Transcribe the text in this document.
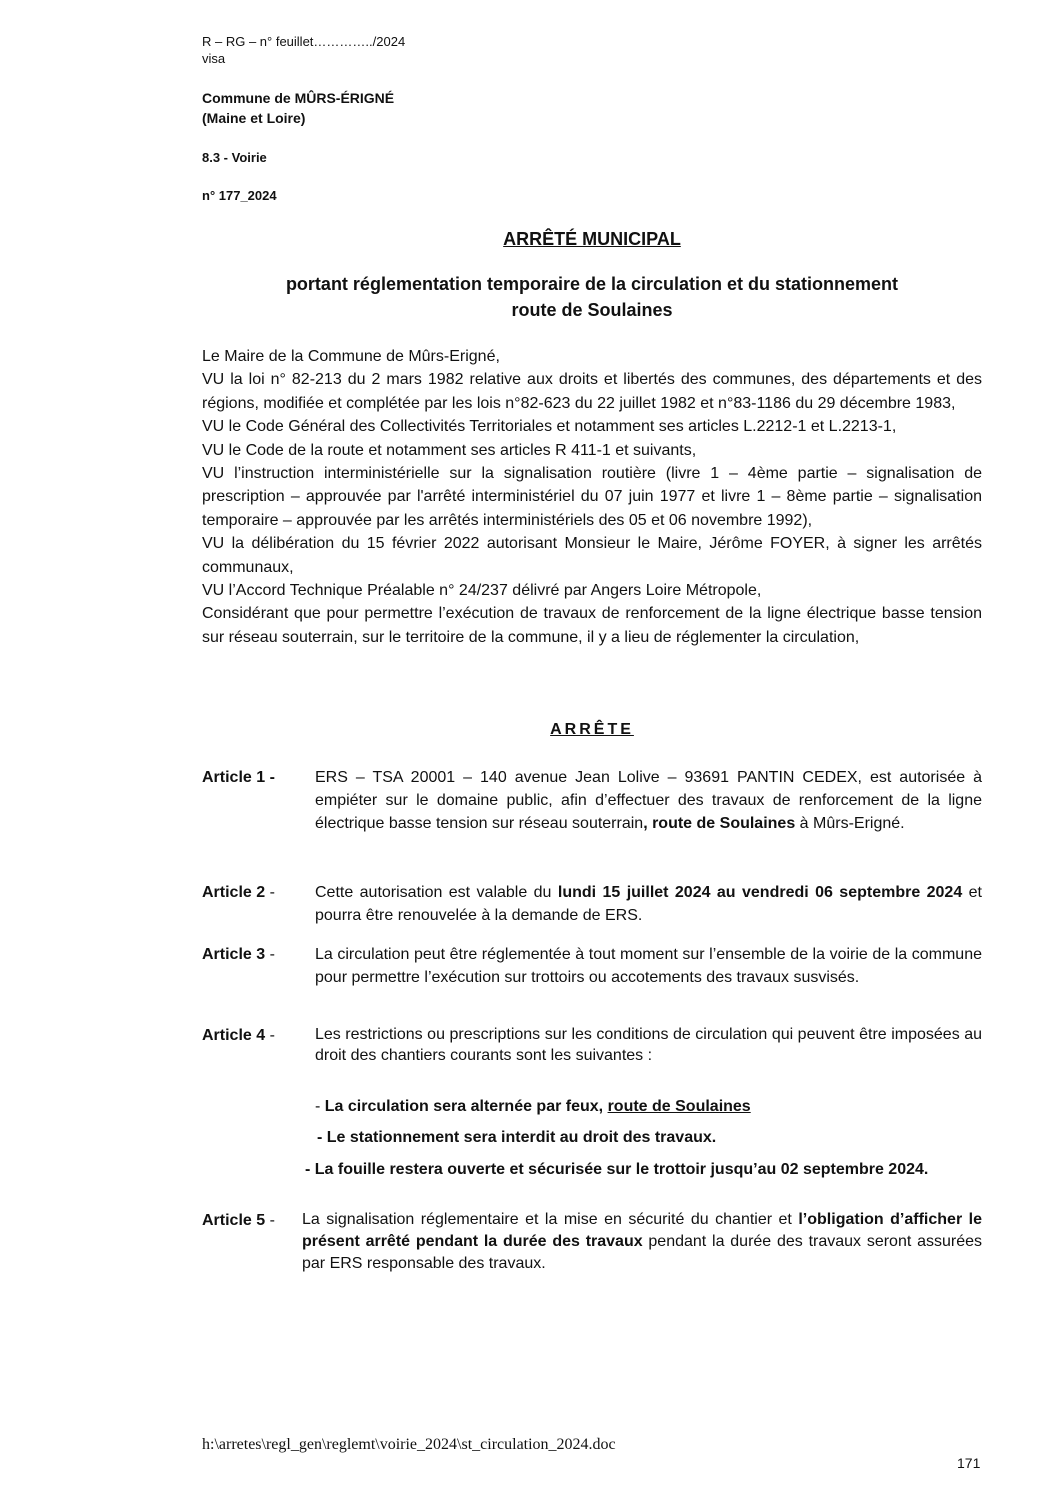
R – RG – n° feuillet…………../2024
visa
Commune de MÛRS-ÉRIGNÉ
(Maine et Loire)
8.3 - Voirie
n° 177_2024
ARRÊTÉ MUNICIPAL
portant réglementation temporaire de la circulation et du stationnement
route de Soulaines

Le Maire de la Commune de Mûrs-Erigné,

VU la loi n° 82-213 du 2 mars 1982 relative aux droits et libertés des communes, des départements et des régions, modifiée et complétée par les lois n°82-623 du 22 juillet 1982 et n°83-1186 du 29 décembre 1983,

VU le Code Général des Collectivités Territoriales et notamment ses articles L.2212-1 et L.2213-1,

VU le Code de la route et notamment ses articles R 411-1 et suivants,

VU l’instruction interministérielle sur la signalisation routière (livre 1 – 4ème partie – signalisation de prescription – approuvée par l'arrêté interministériel du 07 juin 1977 et livre 1 – 8ème partie – signalisation temporaire – approuvée par les arrêtés interministériels des 05 et 06 novembre 1992),

VU la délibération du 15 février 2022 autorisant Monsieur le Maire, Jérôme FOYER, à signer les arrêtés communaux,

VU l’Accord Technique Préalable n° 24/237 délivré par Angers Loire Métropole,

Considérant que pour permettre l’exécution de travaux de renforcement de la ligne électrique basse tension sur réseau souterrain, sur le territoire de la commune, il y a lieu de réglementer la circulation,

ARRÊTE
Article 1 -	ERS – TSA 20001 – 140 avenue Jean Lolive – 93691 PANTIN CEDEX, est autorisée à empiéter sur le domaine public, afin d’effectuer des travaux de renforcement de la ligne électrique basse tension sur réseau souterrain, route de Soulaines à Mûrs-Erigné.
Article 2 -	Cette autorisation est valable du lundi 15 juillet 2024 au vendredi 06 septembre 2024 et pourra être renouvelée à la demande de ERS.
Article 3 -	La circulation peut être réglementée à tout moment sur l’ensemble de la voirie de la commune pour permettre l’exécution sur trottoirs ou accotements des travaux susvisés.
Article 4 -	Les restrictions ou prescriptions sur les conditions de circulation qui peuvent être imposées au droit des chantiers courants sont les suivantes :
- La circulation sera alternée par feux, route de Soulaines
- Le stationnement sera interdit au droit des travaux.
- La fouille restera ouverte et sécurisée sur le trottoir jusqu’au 02 septembre 2024.
Article 5 - La signalisation réglementaire et la mise en sécurité du chantier et l’obligation d’afficher le présent arrêté pendant la durée des travaux pendant la durée des travaux seront assurées par ERS responsable des travaux.
h:\arretes\regl_gen\reglemt\voirie_2024\st_circulation_2024.doc
171
